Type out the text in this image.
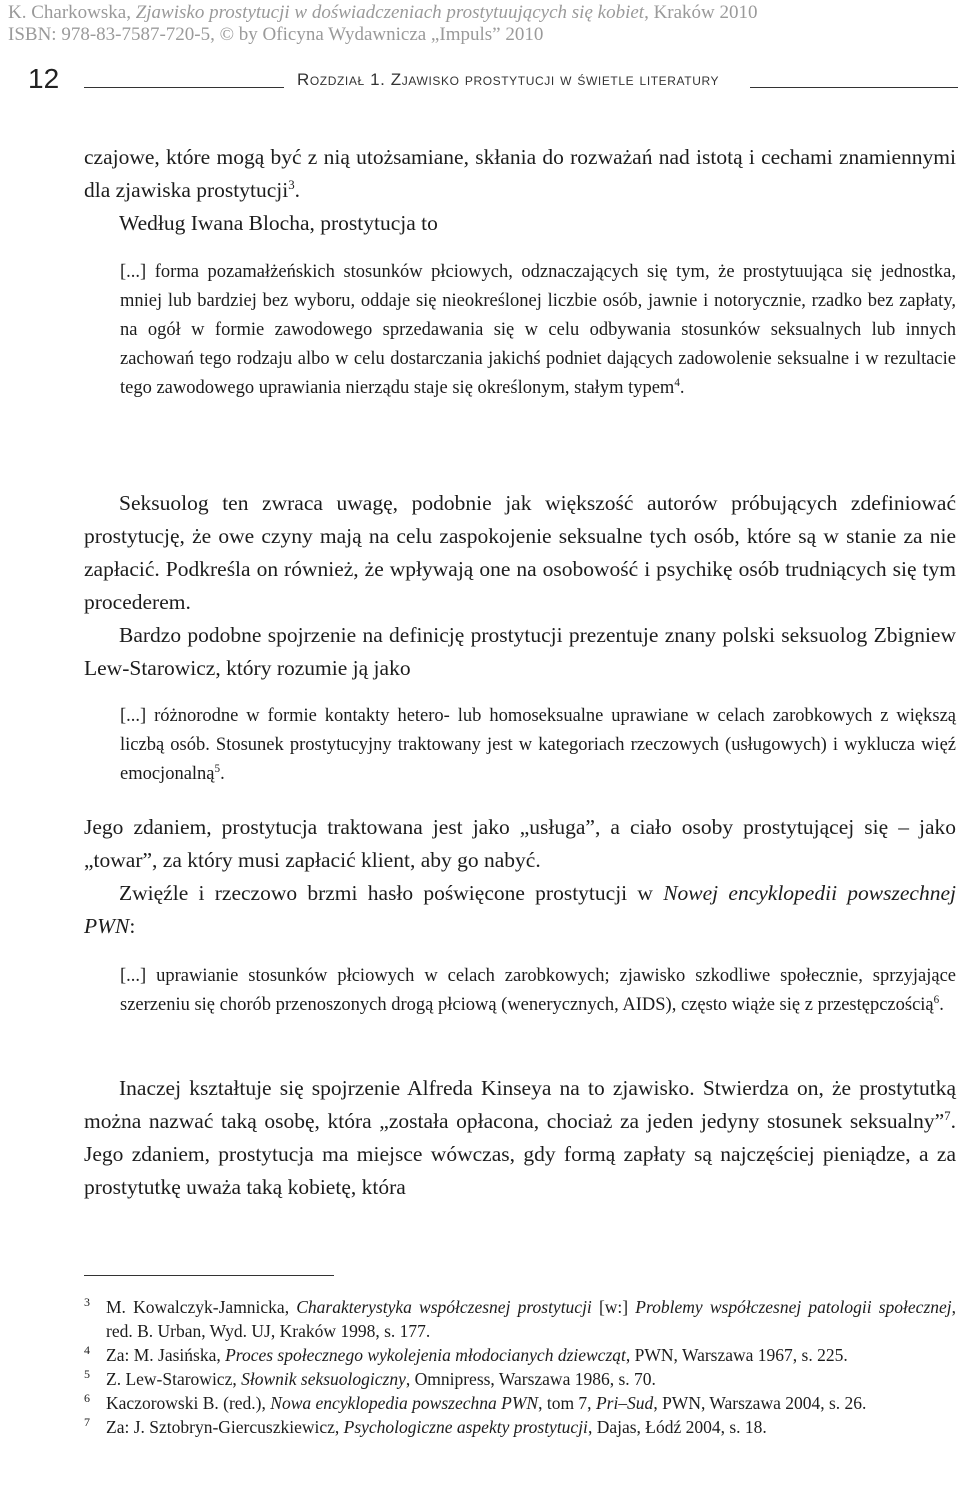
K. Charkowska, Zjawisko prostytucji w doświadczeniach prostytuujących się kobiet, Kraków 2010
ISBN: 978-83-7587-720-5, © by Oficyna Wydawnicza „Impuls” 2010
12	Rozdział 1. Zjawisko prostytucji w świetle literatury

czajowe, które mogą być z nią utożsamiane, skłania do rozważań nad istotą i cechami znamiennymi dla zjawiska prostytucji$^3$.

Według Iwana Blocha, prostytucja to

[...] forma pozamałżeńskich stosunków płciowych, odznaczających się tym, że prostytuująca się jednostka, mniej lub bardziej bez wyboru, oddaje się nieokreślonej liczbie osób, jawnie i notorycznie, rzadko bez zapłaty, na ogół w formie zawodowego sprzedawania się w celu odbywania stosunków seksualnych lub innych zachowań tego rodzaju albo w celu dostarczania jakichś podniet dających zadowolenie seksualne i w rezultacie tego zawodowego uprawiania nierządu staje się określonym, stałym typem$^4$.

Seksuolog ten zwraca uwagę, podobnie jak większość autorów próbujących zdefiniować prostytucję, że owe czyny mają na celu zaspokojenie seksualne tych osób, które są w stanie za nie zapłacić. Podkreśla on również, że wpływają one na osobowość i psychikę osób trudniących się tym procederem.

Bardzo podobne spojrzenie na definicję prostytucji prezentuje znany polski seksuolog Zbigniew Lew-Starowicz, który rozumie ją jako

[...] różnorodne w formie kontakty hetero- lub homoseksualne uprawiane w celach zarobkowych z większą liczbą osób. Stosunek prostytucyjny traktowany jest w kategoriach rzeczowych (usługowych) i wyklucza więź emocjonalną$^5$.

Jego zdaniem, prostytucja traktowana jest jako „usługa”, a ciało osoby prostytującej się – jako „towar”, za który musi zapłacić klient, aby go nabyć.

Zwięźle i rzeczowo brzmi hasło poświęcone prostytucji w Nowej encyklopedii powszechnej PWN:

[...] uprawianie stosunków płciowych w celach zarobkowych; zjawisko szkodliwe społecznie, sprzyjające szerzeniu się chorób przenoszonych drogą płciową (wenerycznych, AIDS), często wiąże się z przestępczością$^6$.

Inaczej kształtuje się spojrzenie Alfreda Kinseya na to zjawisko. Stwierdza on, że prostytutką można nazwać taką osobę, która „została opłacona, chociaż za jeden jedyny stosunek seksualny”$^7$. Jego zdaniem, prostytucja ma miejsce wówczas, gdy formą zapłaty są najczęściej pieniądze, a za prostytutkę uważa taką kobietę, która

3 M. Kowalczyk-Jamnicka, Charakterystyka współczesnej prostytucji [w:] Problemy współczesnej patologii społecznej, red. B. Urban, Wyd. UJ, Kraków 1998, s. 177.

4 Za: M. Jasińska, Proces społecznego wykolejenia młodocianych dziewcząt, PWN, Warszawa 1967, s. 225.

5 Z. Lew-Starowicz, Słownik seksuologiczny, Omnipress, Warszawa 1986, s. 70.

6 Kaczorowski B. (red.), Nowa encyklopedia powszechna PWN, tom 7, Pri–Sud, PWN, Warszawa 2004, s. 26.

7 Za: J. Sztobryn-Giercuszkiewicz, Psychologiczne aspekty prostytucji, Dajas, Łódź 2004, s. 18.
